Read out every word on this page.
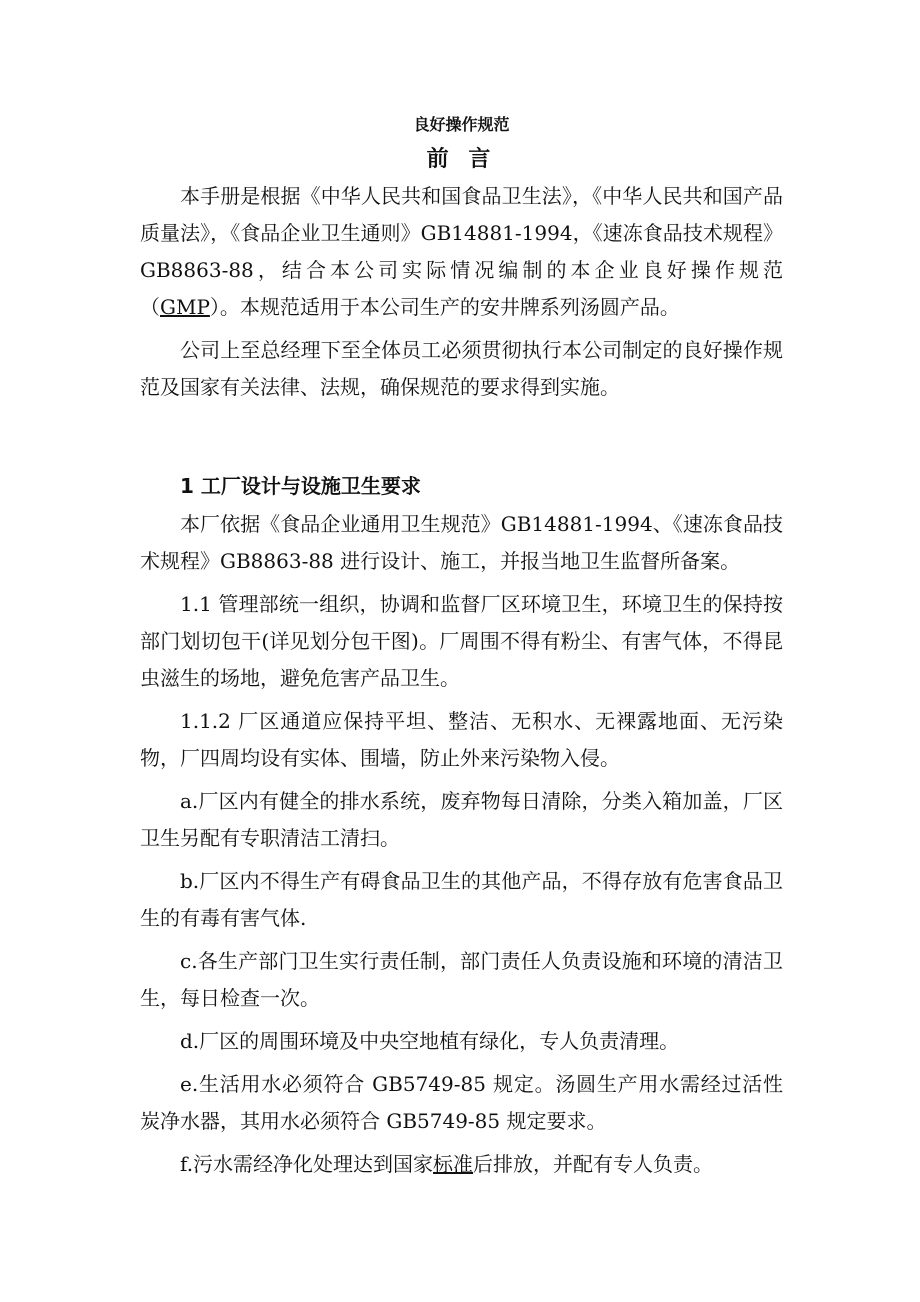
良好操作规范
前 言

本手册是根据《中华人民共和国食品卫生法》，《中华人民共和国产品质量法》，《食品企业卫生通则》GB14881-1994，《速冻食品技术规程》GB8863-88，结合本公司实际情况编制的本企业良好操作规范（GMP）。本规范适用于本公司生产的安井牌系列汤圆产品。

公司上至总经理下至全体员工必须贯彻执行本公司制定的良好操作规范及国家有关法律、法规，确保规范的要求得到实施。

1 工厂设计与设施卫生要求

本厂依据《食品企业通用卫生规范》GB14881-1994、《速冻食品技术规程》GB8863-88 进行设计、施工，并报当地卫生监督所备案。

1.1 管理部统一组织，协调和监督厂区环境卫生，环境卫生的保持按部门划切包干(详见划分包干图)。厂周围不得有粉尘、有害气体，不得昆虫滋生的场地，避免危害产品卫生。

1.1.2 厂区通道应保持平坦、整洁、无积水、无裸露地面、无污染物，厂四周均设有实体、围墙，防止外来污染物入侵。

a.厂区内有健全的排水系统，废弃物每日清除，分类入箱加盖，厂区卫生另配有专职清洁工清扫。

b.厂区内不得生产有碍食品卫生的其他产品，不得存放有危害食品卫生的有毒有害气体.

c.各生产部门卫生实行责任制，部门责任人负责设施和环境的清洁卫生，每日检查一次。

d.厂区的周围环境及中央空地植有绿化，专人负责清理。

e.生活用水必须符合 GB5749-85 规定。汤圆生产用水需经过活性炭净水器，其用水必须符合 GB5749-85 规定要求。

f.污水需经净化处理达到国家标准后排放，并配有专人负责。
